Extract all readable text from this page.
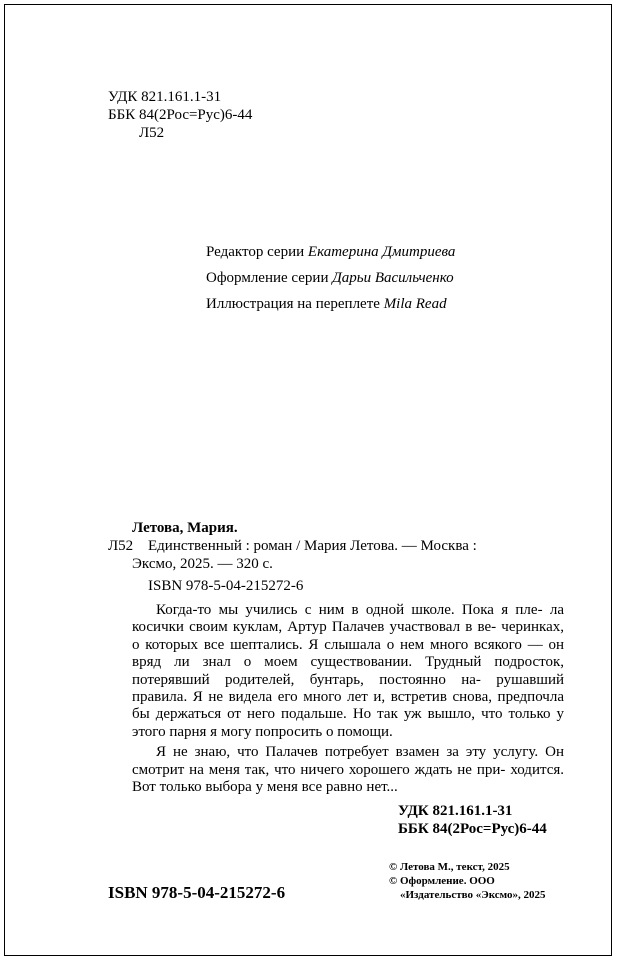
УДК 821.161.1-31
ББК 84(2Рос=Рус)6-44
Л52
Редактор серии Екатерина Дмитриева
Оформление серии Дарьи Васильченко
Иллюстрация на переплете Mila Read
Летова, Мария.
Л52 Единственный : роман / Мария Летова. — Москва :
Эксмо, 2025. — 320 с.
ISBN 978-5-04-215272-6

Когда-то мы учились с ним в одной школе. Пока я пле- ла косички своим куклам, Артур Палачев участвовал в ве- черинках, о которых все шептались. Я слышала о нем много всякого — он вряд ли знал о моем существовании. Трудный подросток, потерявший родителей, бунтарь, постоянно на- рушавший правила. Я не видела его много лет и, встретив снова, предпочла бы держаться от него подальше. Но так уж вышло, что только у этого парня я могу попросить о помощи.

Я не знаю, что Палачев потребует взамен за эту услугу. Он смотрит на меня так, что ничего хорошего ждать не при- ходится. Вот только выбора у меня все равно нет...

УДК 821.161.1-31
ББК 84(2Рос=Рус)6-44
© Летова М., текст, 2025
© Оформление. ООО
«Издательство «Эксмо», 2025
ISBN 978-5-04-215272-6
